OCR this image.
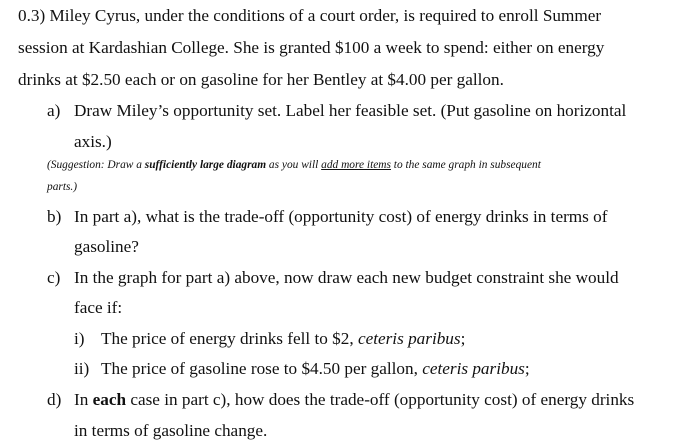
0.3) Miley Cyrus, under the conditions of a court order, is required to enroll Summer
session at Kardashian College. She is granted $100 a week to spend: either on energy
drinks at $2.50 each or on gasoline for her Bentley at $4.00 per gallon.
a) Draw Miley’s opportunity set. Label her feasible set. (Put gasoline on horizontal
axis.)
(Suggestion: Draw a sufficiently large diagram as you will add more items to the same graph in subsequent
parts.)
b) In part a), what is the trade-off (opportunity cost) of energy drinks in terms of
gasoline?
c) In the graph for part a) above, now draw each new budget constraint she would
face if:
i) The price of energy drinks fell to $2, ceteris paribus;
ii) The price of gasoline rose to $4.50 per gallon, ceteris paribus;
d) In each case in part c), how does the trade-off (opportunity cost) of energy drinks
in terms of gasoline change.
